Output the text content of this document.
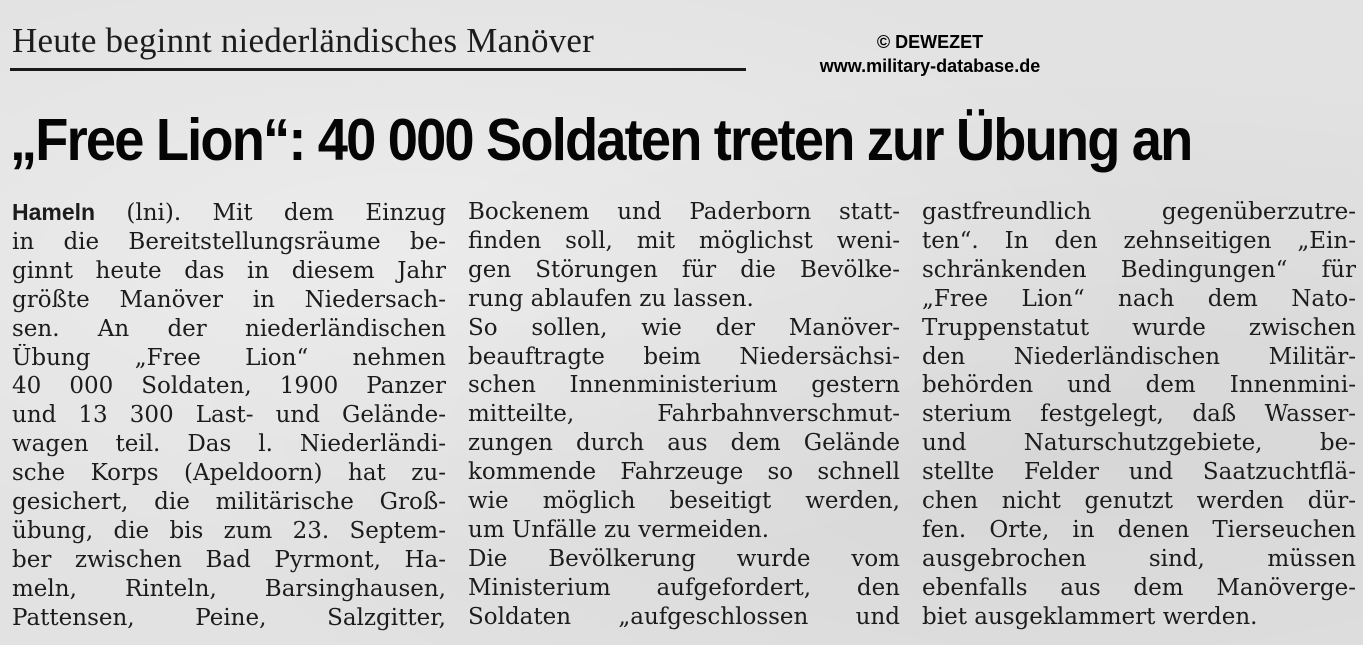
Heute beginnt niederländisches Manöver	© DEWEZET
www.military-database.de
„Free Lion“: 40 000 Soldaten treten zur Übung an
Hameln (lni). Mit dem Einzug
in die Bereitstellungsräume be-
ginnt heute das in diesem Jahr
größte Manöver in Niedersach-
sen. An der niederländischen
Übung „Free Lion“ nehmen
40 000 Soldaten, 1900 Panzer
und 13 300 Last- und Gelände-
wagen teil. Das l. Niederländi-
sche Korps (Apeldoorn) hat zu-
gesichert, die militärische Groß-
übung, die bis zum 23. Septem-
ber zwischen Bad Pyrmont, Ha-
meln, Rinteln, Barsinghausen,
Pattensen, Peine, Salzgitter,
Bockenem und Paderborn statt-
finden soll, mit möglichst weni-
gen Störungen für die Bevölke-
rung ablaufen zu lassen.
So sollen, wie der Manöver-
beauftragte beim Niedersächsi-
schen Innenministerium gestern
mitteilte, Fahrbahnverschmut-
zungen durch aus dem Gelände
kommende Fahrzeuge so schnell
wie möglich beseitigt werden,
um Unfälle zu vermeiden.
Die Bevölkerung wurde vom
Ministerium aufgefordert, den
Soldaten „aufgeschlossen und
gastfreundlich gegenüberzutre-
ten“. In den zehnseitigen „Ein-
schränkenden Bedingungen“ für
„Free Lion“ nach dem Nato-
Truppenstatut wurde zwischen
den Niederländischen Militär-
behörden und dem Innenmini-
sterium festgelegt, daß Wasser-
und Naturschutzgebiete, be-
stellte Felder und Saatzuchtflä-
chen nicht genutzt werden dür-
fen. Orte, in denen Tierseuchen
ausgebrochen sind, müssen
ebenfalls aus dem Manövergе-
biet ausgeklammert werden.
